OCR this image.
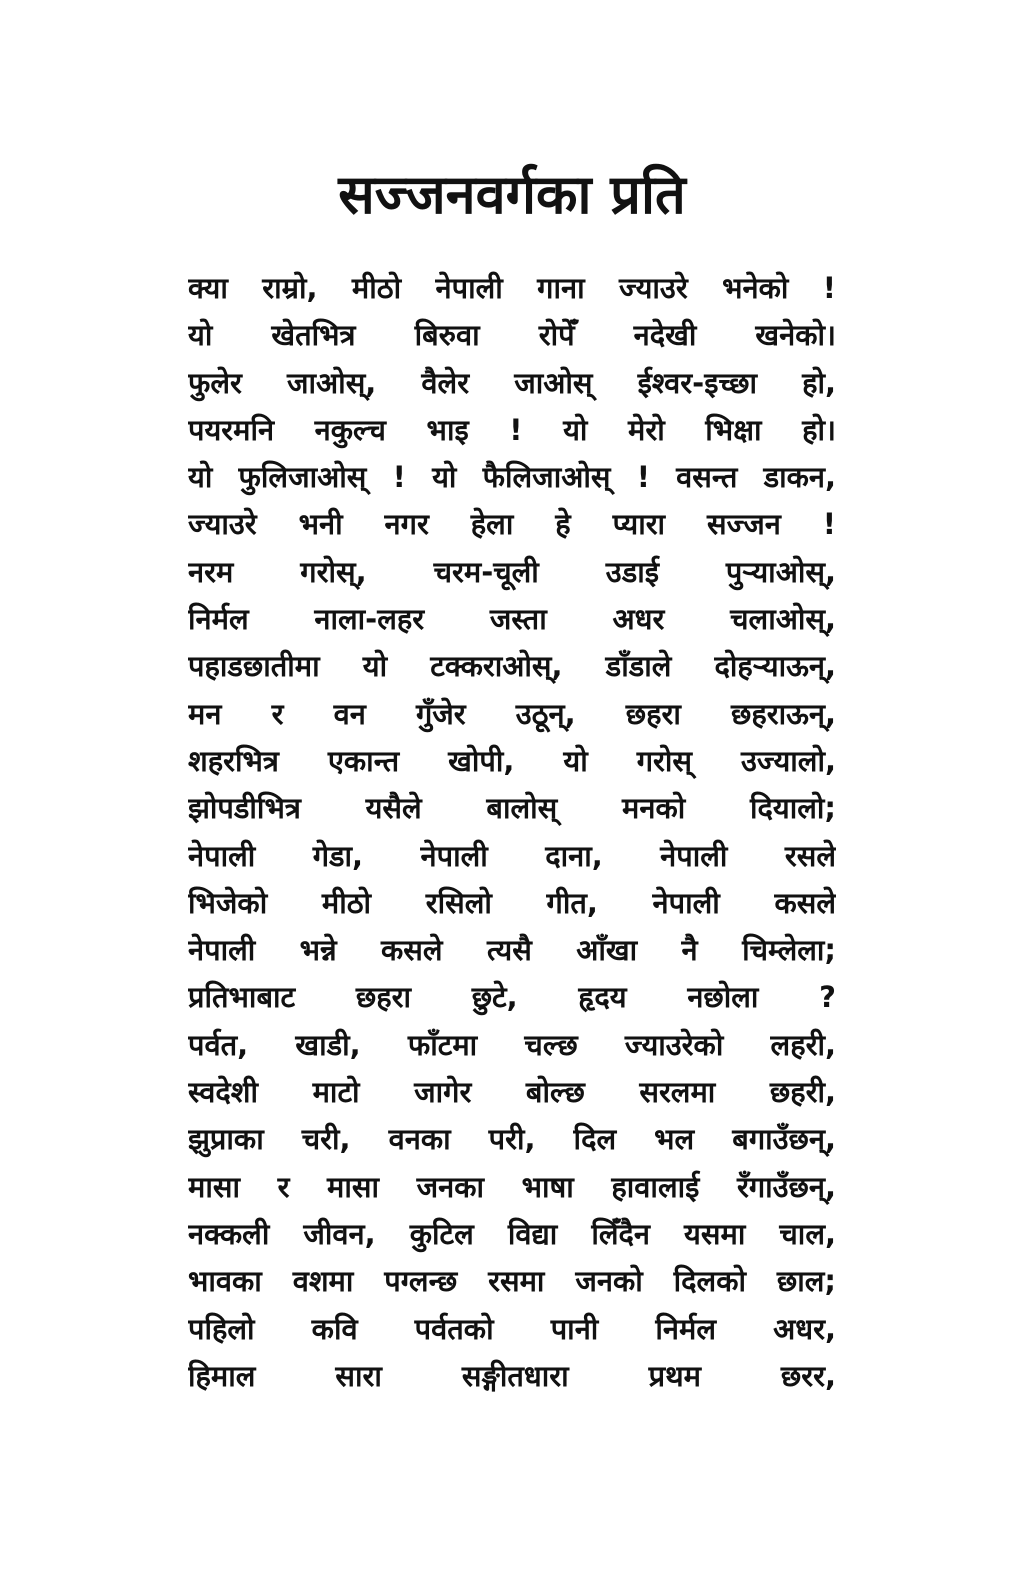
सज्जनवर्गका प्रति
क्या राम्रो, मीठो नेपाली गाना ज्याउरे भनेको !
यो खेतभित्र बिरुवा रोपेँ नदेखी खनेको।
फुलेर जाओस्, वैलेर जाओस् ईश्वर-इच्छा हो,
पयरमनि नकुल्च भाइ ! यो मेरो भिक्षा हो।
यो फुलिजाओस् ! यो फैलिजाओस् ! वसन्त डाकन,
ज्याउरे भनी नगर हेला हे प्यारा सज्जन !
नरम गरोस्, चरम-चूली उडाई पुऱ्याओस्,
निर्मल नाला-लहर जस्ता अधर चलाओस्,
पहाडछातीमा यो टक्कराओस्, डाँडाले दोहऱ्याऊन्,
मन र वन गुँजेर उठून्, छहरा छहराऊन्,
शहरभित्र एकान्त खोपी, यो गरोस् उज्यालो,
झोपडीभित्र यसैले बालोस् मनको दियालो;
नेपाली गेडा, नेपाली दाना, नेपाली रसले
भिजेको मीठो रसिलो गीत, नेपाली कसले
नेपाली भन्ने कसले त्यसै आँखा नै चिम्लेला;
प्रतिभाबाट छहरा छुटे, हृदय नछोला ?
पर्वत, खाडी, फाँटमा चल्छ ज्याउरेको लहरी,
स्वदेशी माटो जागेर बोल्छ सरलमा छहरी,
झुप्राका चरी, वनका परी, दिल भल बगाउँछन्,
मासा र मासा जनका भाषा हावालाई रँगाउँछन्,
नक्कली जीवन, कुटिल विद्या लिँदैन यसमा चाल,
भावका वशमा पग्लन्छ रसमा जनको दिलको छाल;
पहिलो कवि पर्वतको पानी निर्मल अधर,
हिमाल सारा सङ्गीतधारा प्रथम छरर,
